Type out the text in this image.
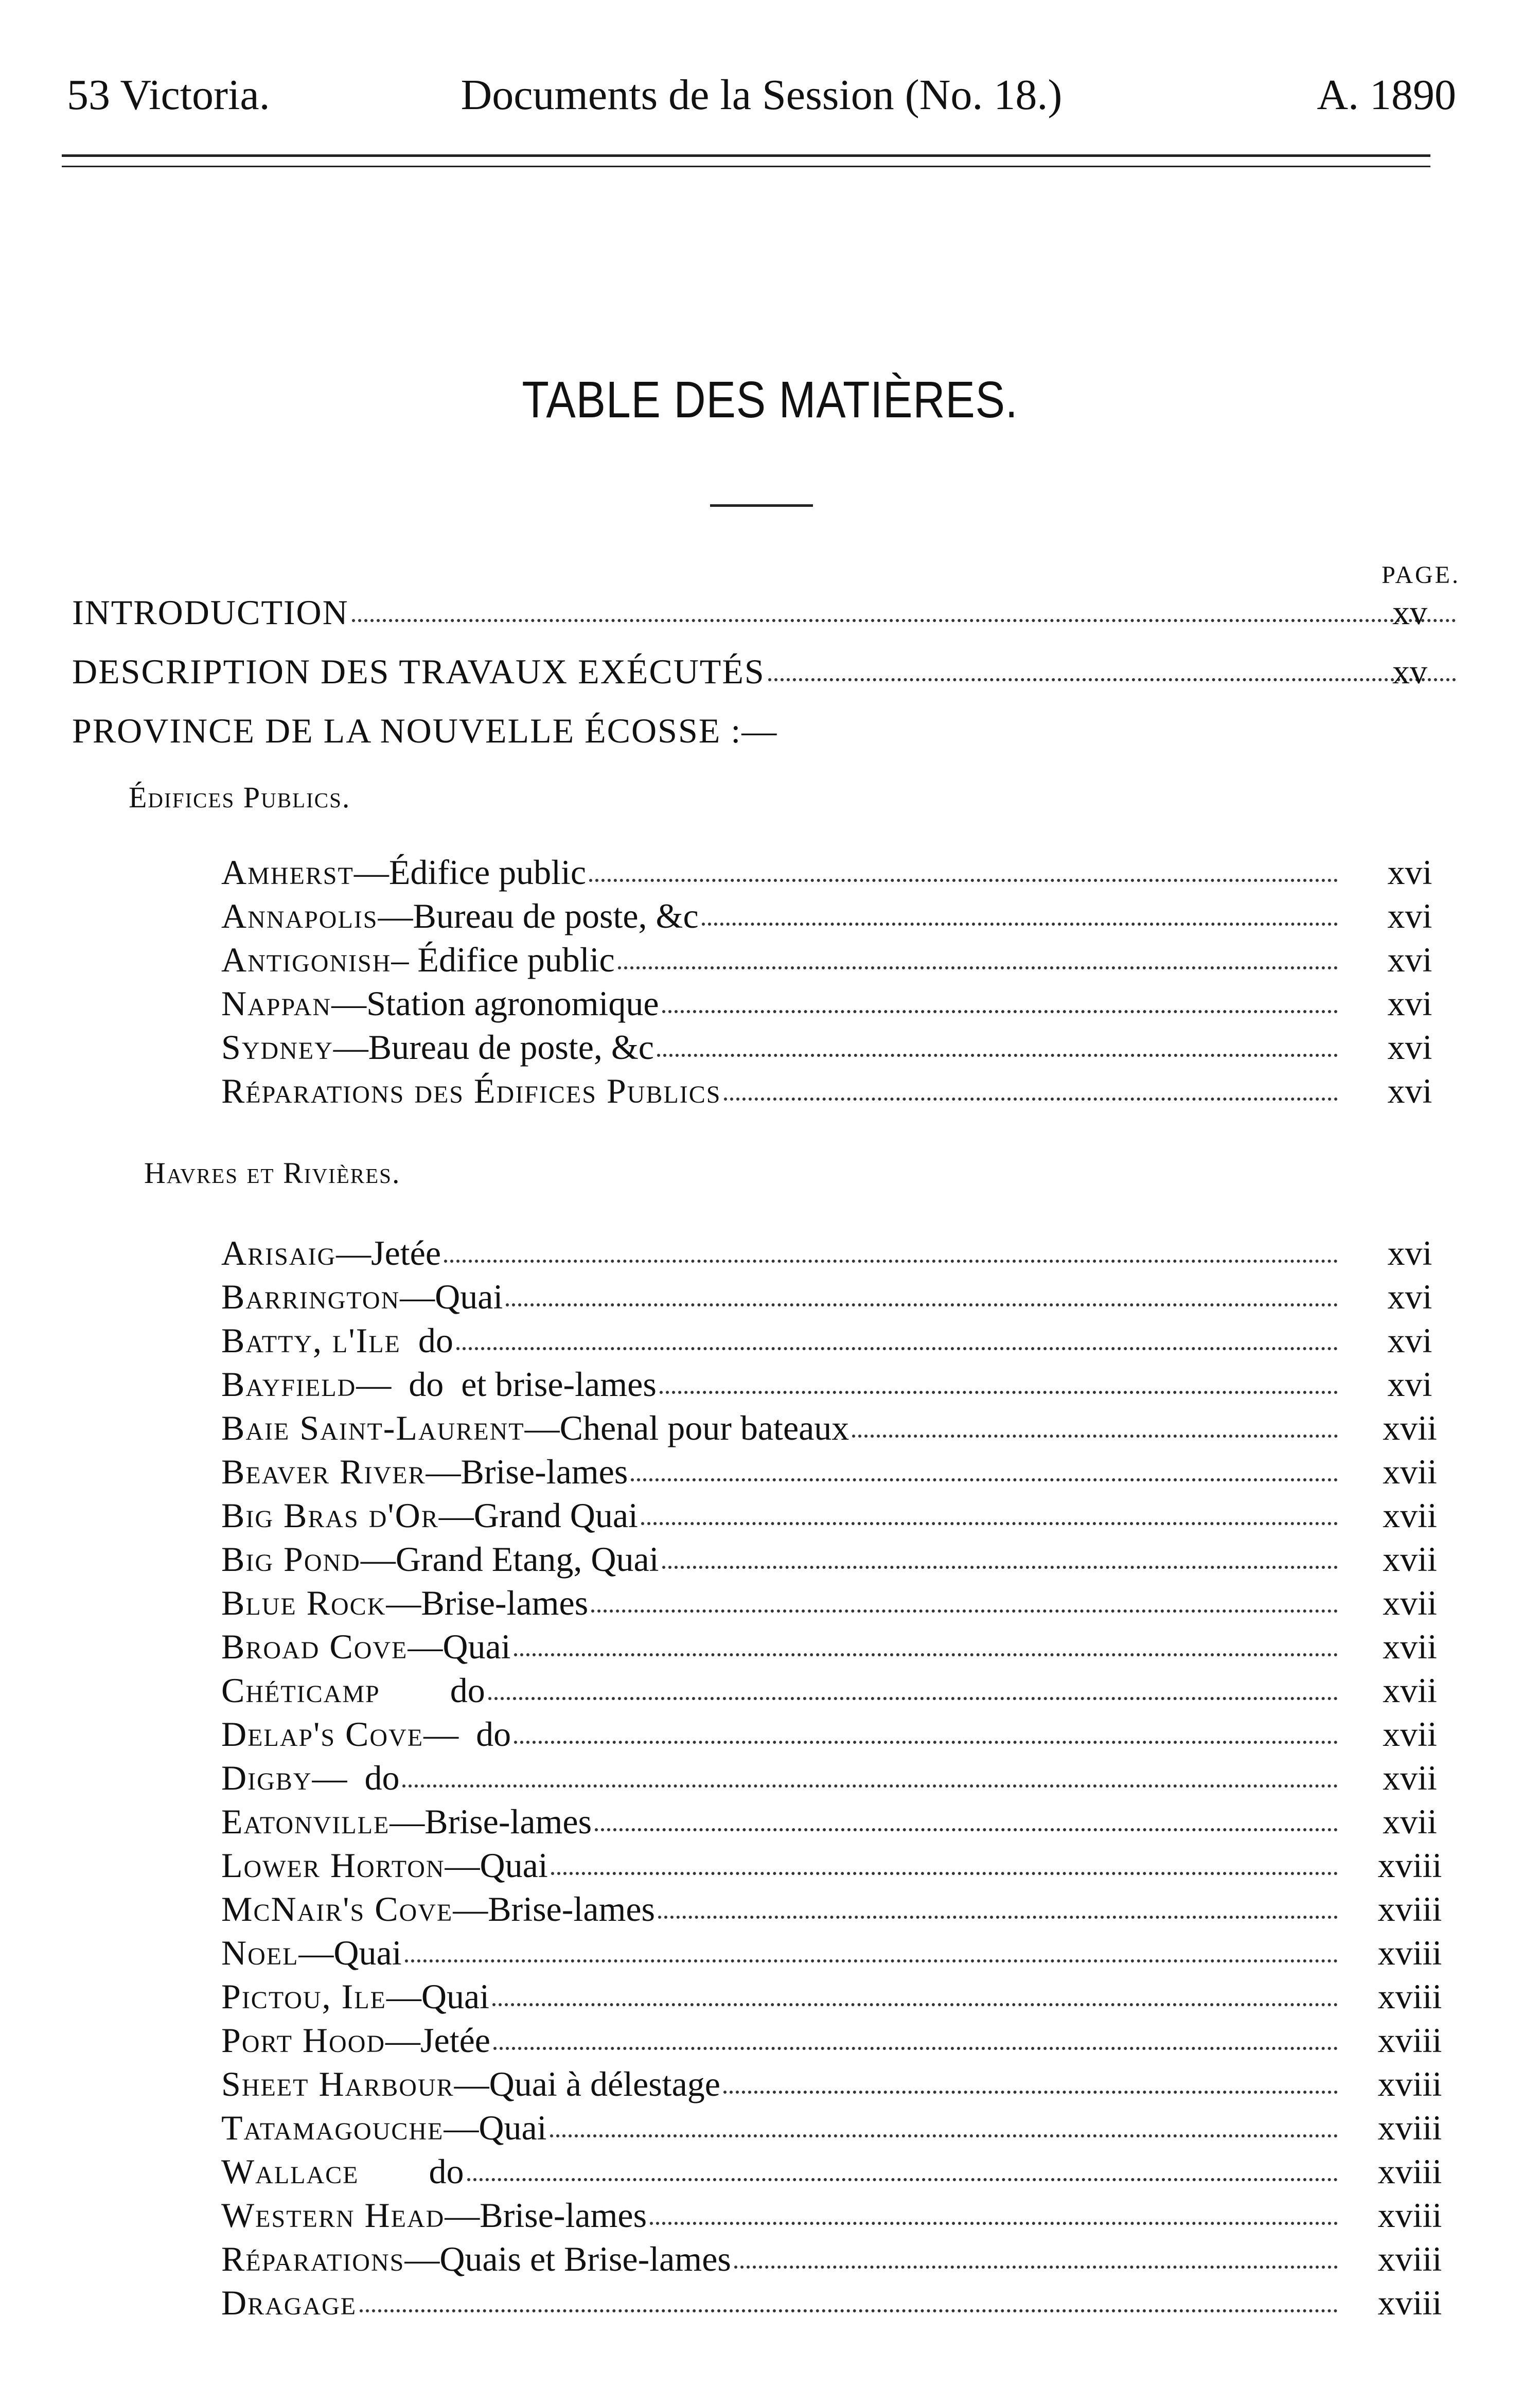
53 Victoria.	Documents de la Session (No. 18.)	A. 1890
TABLE DES MATIÈRES.
PAGE.
INTRODUCTION	xv
DESCRIPTION DES TRAVAUX EXÉCUTÉS	xv
PROVINCE DE LA NOUVELLE ÉCOSSE :—
Édifices Publics.
Amherst—Édifice public	xvi
Annapolis—Bureau de poste, &c	xvi
Antigonish– Édifice public	xvi
Nappan—Station agronomique	xvi
Sydney—Bureau de poste, &c	xvi
Réparations des Édifices Publics	xvi
Havres et Rivières.
Arisaig—Jetée	xvi
Barrington—Quai	xvi
Batty, l'Ile  do	xvi
Bayfield—  do  et brise-lames	xvi
Baie Saint-Laurent—Chenal pour bateaux	xvii
Beaver River—Brise-lames	xvii
Big Bras d'Or—Grand Quai	xvii
Big Pond—Grand Etang, Quai	xvii
Blue Rock—Brise-lames	xvii
Broad Cove—Quai	xvii
Chéticamp        do	xvii
Delap's Cove—  do	xvii
Digby—  do	xvii
Eatonville—Brise-lames	xvii
Lower Horton—Quai	xviii
McNair's Cove—Brise-lames	xviii
Noel—Quai	xviii
Pictou, Ile—Quai	xviii
Port Hood—Jetée	xviii
Sheet Harbour—Quai à délestage	xviii
Tatamagouche—Quai	xviii
Wallace        do	xviii
Western Head—Brise-lames	xviii
Réparations—Quais et Brise-lames	xviii
Dragage	xviii
